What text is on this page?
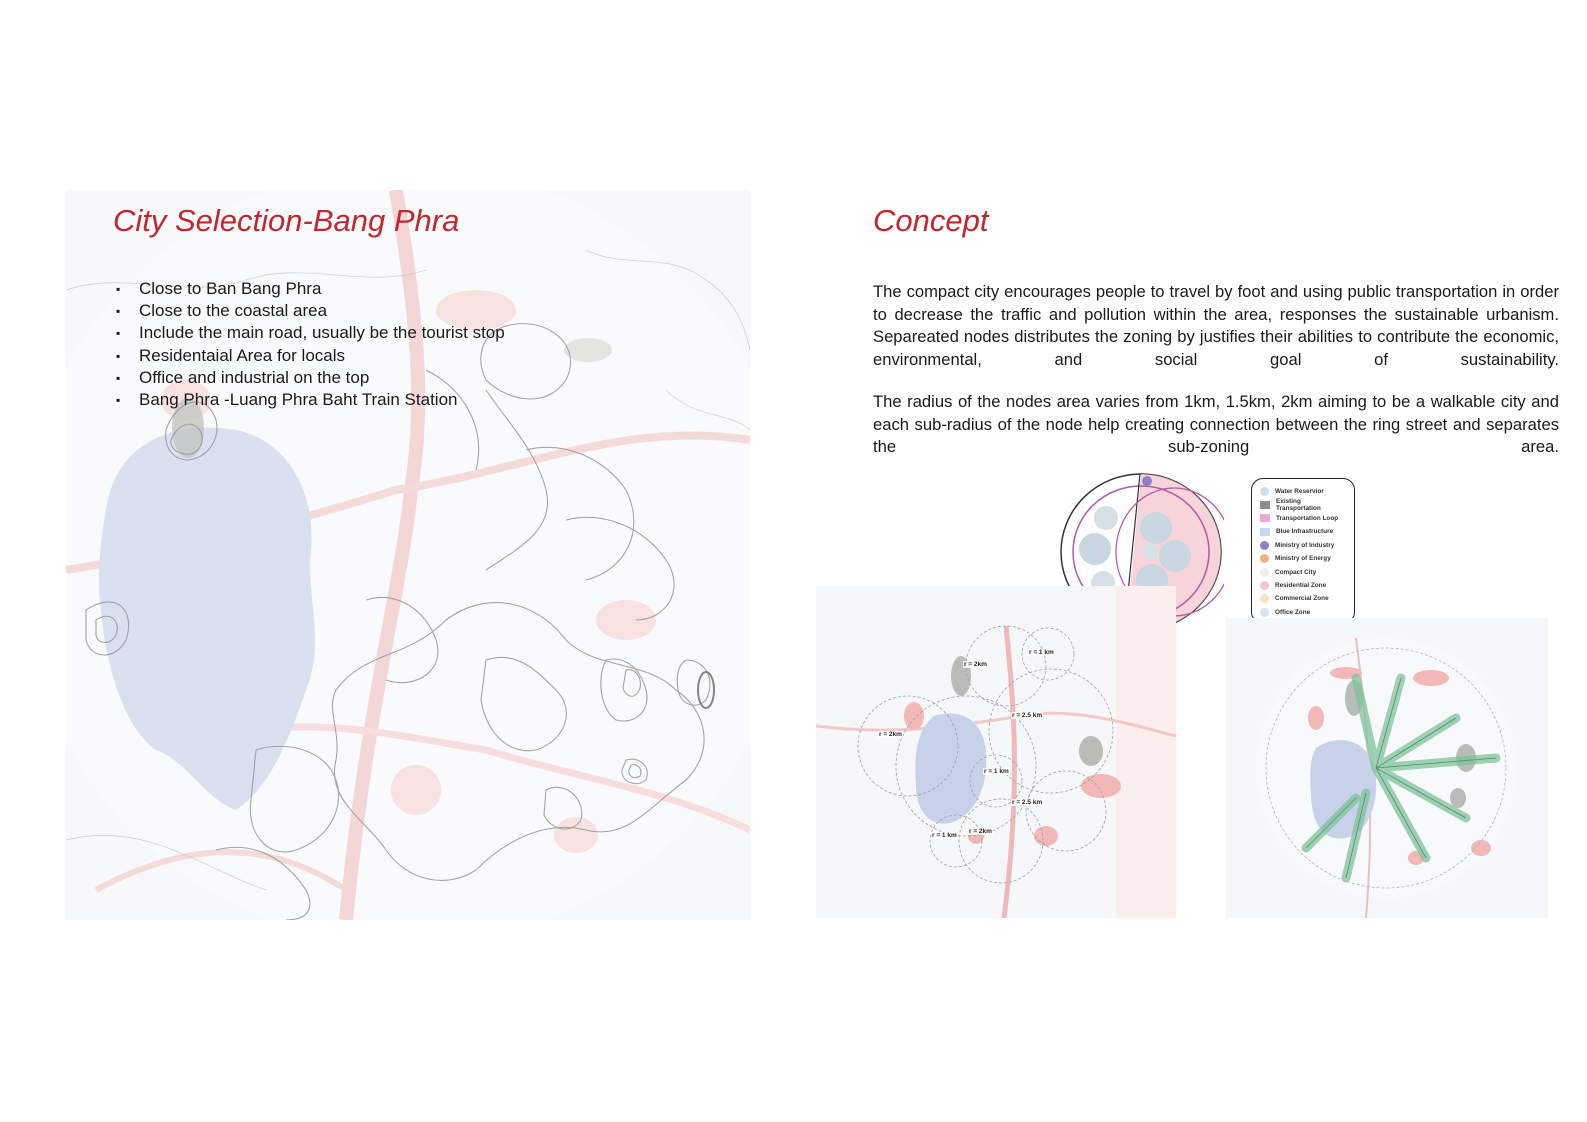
City Selection-Bang Phra
▪ Close to Ban Bang Phra
▪ Close to the coastal area
▪ Include the main road, usually be the tourist stop
▪ Residentaial Area for locals
▪ Office and industrial on the top
▪ Bang Phra -Luang Phra Baht Train Station
Concept

The compact city encourages people to travel by foot and using public transportation in order to decrease the traffic and pollution within the area, responses the sustainable urbanism. Separeated nodes distributes the zoning by justifies their abilities to contribute the economic, environmental, and social goal of sustainability.

The radius of the nodes area varies from 1km, 1.5km, 2km aiming to be a walkable city and each sub-radius of the node help creating connection between the ring street and separates the sub-zoning area.

Water Reservior
Existing Transportation
Transportation Loop
Blue Infrastructure
Ministry of Industry
Ministry of Energy
Compact City
Residential Zone
Commercial Zone
Office Zone
r = 1 km
r = 2km
r = 2.5 km
r = 2km
r = 1 km
r = 2.5 km
r = 2km
r = 1 km
